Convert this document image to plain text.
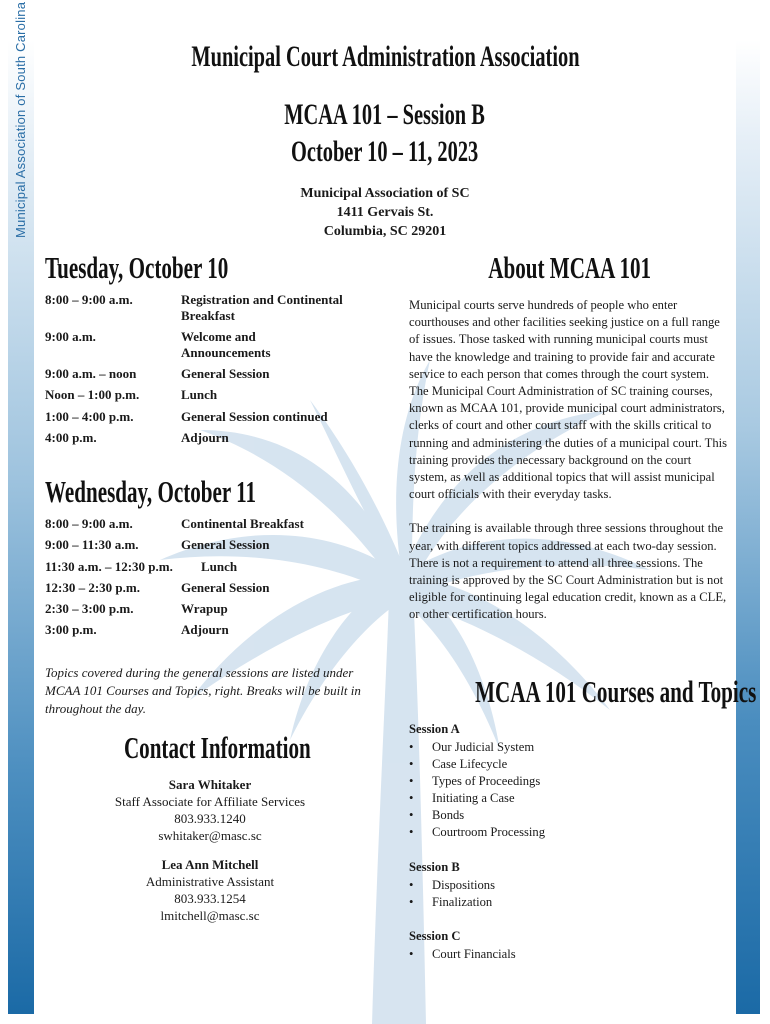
Municipal Association of South Carolina	Municipal Court Administration Association
MCAA 101 – Session B
October 10 – 11, 2023
Municipal Association of SC
1411 Gervais St.
Columbia, SC 29201
Tuesday, October 10
8:00 – 9:00 a.m.	Registration and Continental Breakfast
9:00 a.m.	Welcome and Announcements
9:00 a.m. – noon	General Session
Noon – 1:00 p.m.	Lunch
1:00 – 4:00 p.m.	General Session continued
4:00 p.m.	Adjourn
Wednesday, October 11
8:00 – 9:00 a.m.	Continental Breakfast
9:00 – 11:30 a.m.	General Session
11:30 a.m. – 12:30 p.m. Lunch
12:30 – 2:30 p.m.	General Session
2:30 – 3:00 p.m.	Wrapup
3:00 p.m.	Adjourn
Topics covered during the general sessions are listed under MCAA 101 Courses and Topics, right. Breaks will be built in throughout the day.
Contact Information
Sara Whitaker
Staff Associate for Affiliate Services
803.933.1240
swhitaker@masc.sc
Lea Ann Mitchell
Administrative Assistant
803.933.1254
lmitchell@masc.sc
About MCAA 101

Municipal courts serve hundreds of people who enter courthouses and other facilities seeking justice on a full range of issues. Those tasked with running municipal courts must have the knowledge and training to provide fair and accurate service to each person that comes through the court system. The Municipal Court Administration of SC training courses, known as MCAA 101, provide municipal court administrators, clerks of court and other court staff with the skills critical to running and administering the duties of a municipal court. This training provides the necessary background on the court system, as well as additional topics that will assist municipal court officials with their everyday tasks.

The training is available through three sessions throughout the year, with different topics addressed at each two-day session. There is not a requirement to attend all three sessions. The training is approved by the SC Court Administration but is not eligible for continuing legal education credit, known as a CLE, or other certification hours.

MCAA 101 Courses and Topics
Session A
• Our Judicial System
• Case Lifecycle
• Types of Proceedings
• Initiating a Case
• Bonds
• Courtroom Processing
Session B
• Dispositions
• Finalization
Session C
• Court Financials
